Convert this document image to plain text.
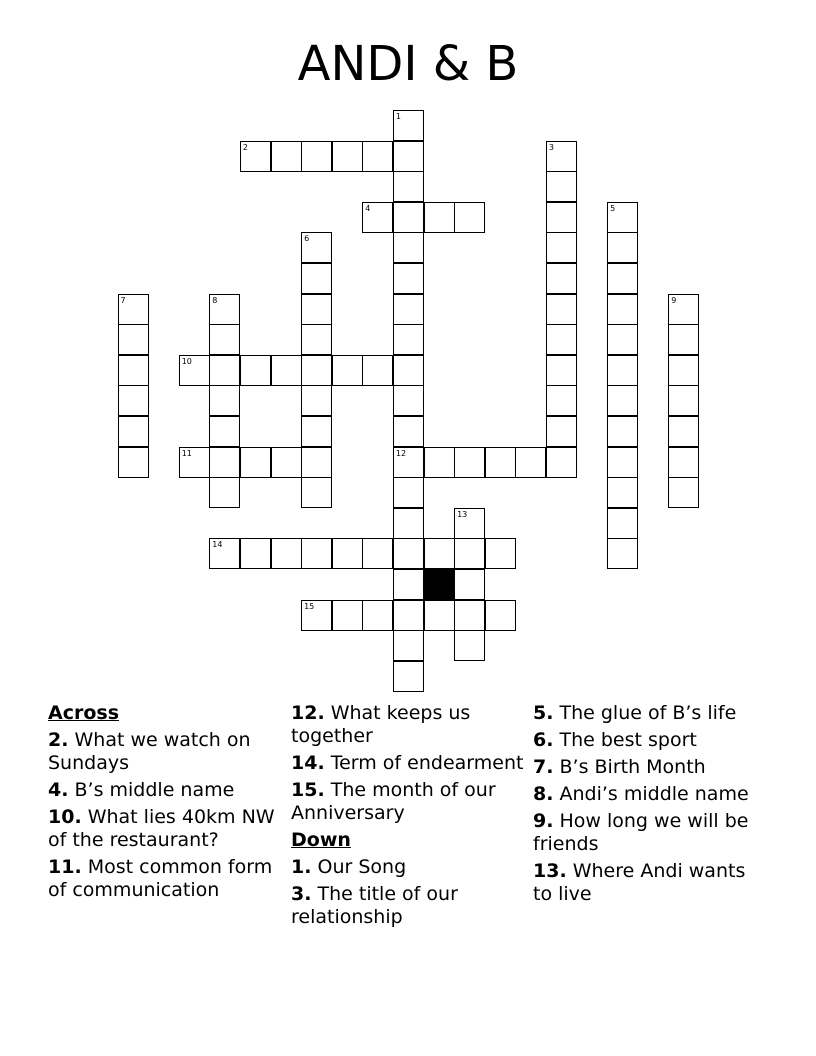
ANDI & B
1
12
2	3
4	5
6
7	8	9
10
11
13
14
15
Across
2. What we watch on Sundays
4. B’s middle name
10. What lies 40km NW of the restaurant?
11. Most common form of communication
12. What keeps us together
14. Term of endearment
15. The month of our Anniversary
Down
1. Our Song
3. The title of our relationship
5. The glue of B’s life
6. The best sport
7. B’s Birth Month
8. Andi’s middle name
9. How long we will be friends
13. Where Andi wants to live
